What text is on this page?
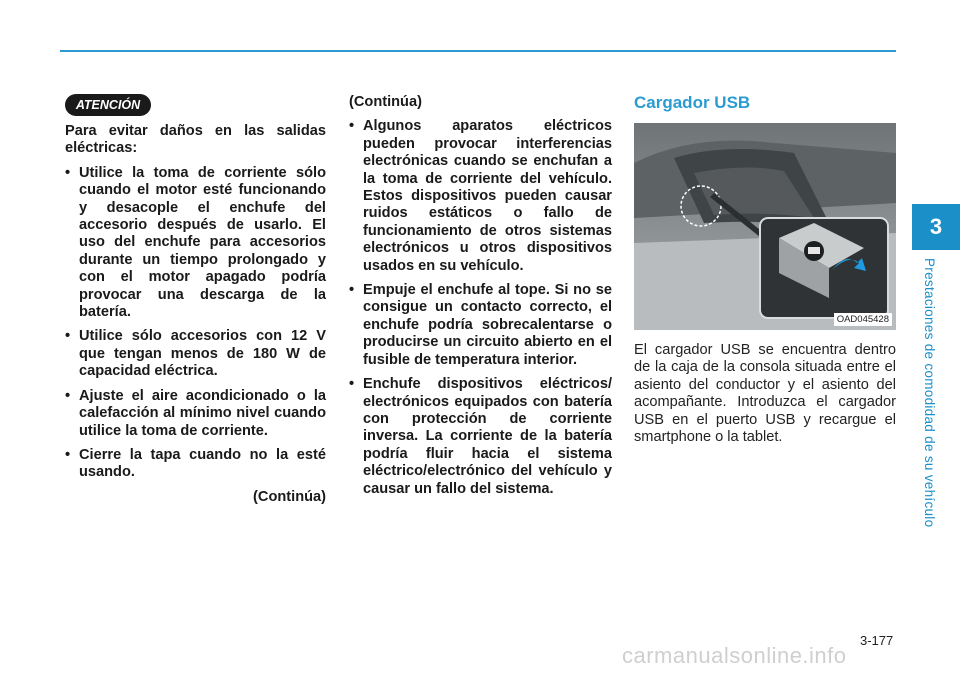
3
Prestaciones de comodidad de su vehículo
ATENCIÓN

Para evitar daños en las salidas eléctricas:

• Utilice la toma de corriente sólo cuando el motor esté funcionando y desacople el enchufe del accesorio después de usarlo. El uso del enchufe para accesorios durante un tiempo prolongado y con el motor apagado podría provocar una descarga de la batería.
• Utilice sólo accesorios con 12 V que tengan menos de 180 W de capacidad eléctrica.
• Ajuste el aire acondicionado o la calefacción al mínimo nivel cuando utilice la toma de corriente.
• Cierre la tapa cuando no la esté usando.
(Continúa)

(Continúa)

• Algunos aparatos eléctricos pueden provocar interferencias electrónicas cuando se enchufan a la toma de corriente del vehículo. Estos dispositivos pueden causar ruidos estáticos o fallo de funcionamiento de otros sistemas electrónicos u otros dispositivos usados en su vehículo.
• Empuje el enchufe al tope. Si no se consigue un contacto correcto, el enchufe podría sobrecalentarse o producirse un circuito abierto en el fusible de temperatura interior.
• Enchufe dispositivos eléctricos/ electrónicos equipados con batería con protección de corriente inversa. La corriente de la batería podría fluir hacia el sistema eléctrico/electrónico del vehículo y causar un fallo del sistema.
Cargador USB
OAD045428
El cargador USB se encuentra dentro de la caja de la consola situada entre el asiento del conductor y el asiento del acompañante. Introduzca el cargador USB en el puerto USB y recargue el smartphone o la tablet.
3-177
carmanualsonline.info
